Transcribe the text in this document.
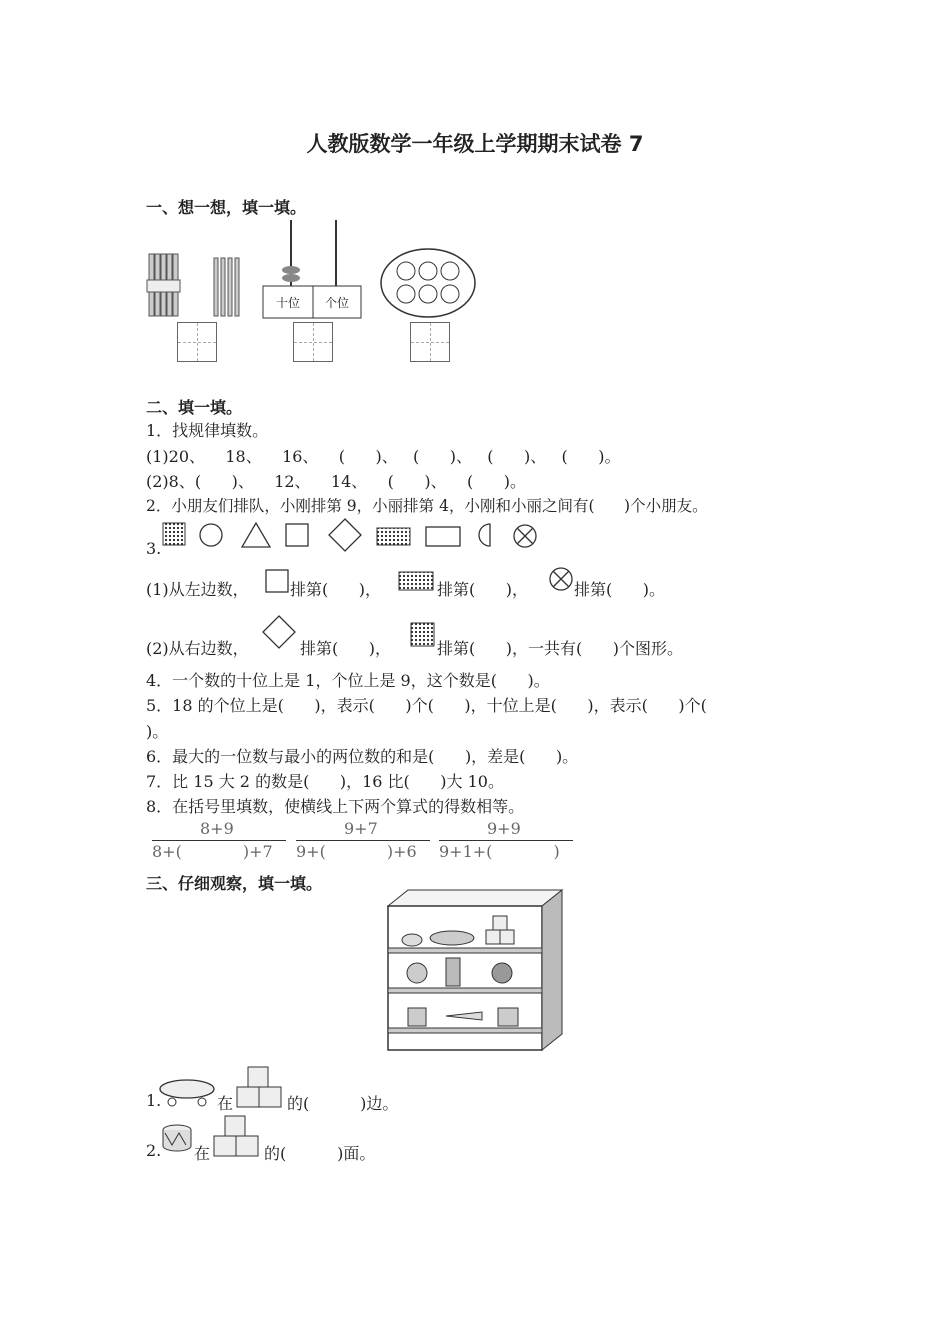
人教版数学一年级上学期期末试卷 7
一、想一想，填一填。
十位	个位
二、填一填。
1．找规律填数。
(1)20、    18、    16、    (      )、   (      )、   (      )、   (      )。
(2)8、(      )、    12、    14、    (      )、    (      )。
2．小朋友们排队，小刚排第 9，小丽排第 4，小刚和小丽之间有(      )个小朋友。
3.
(1)从左边数，	排第(      )，	排第(      )，	排第(      )。
(2)从右边数，	排第(      )，	排第(      )，一共有(      )个图形。
4．一个数的十位上是 1，个位上是 9，这个数是(      )。
5．18 的个位上是(      )，表示(      )个(      )，十位上是(      )，表示(      )个(
)。
6．最大的一位数与最小的两位数的和是(      )，差是(      )。
7．比 15 大 2 的数是(      )，16 比(      )大 10。
8．在括号里填数，使横线上下两个算式的得数相等。
8+9
8+(            )+7
9+7
9+(            )+6
9+9
9+1+(            )
三、仔细观察，填一填。
1.	在	的(          )边。
2. 在	的(          )面。
